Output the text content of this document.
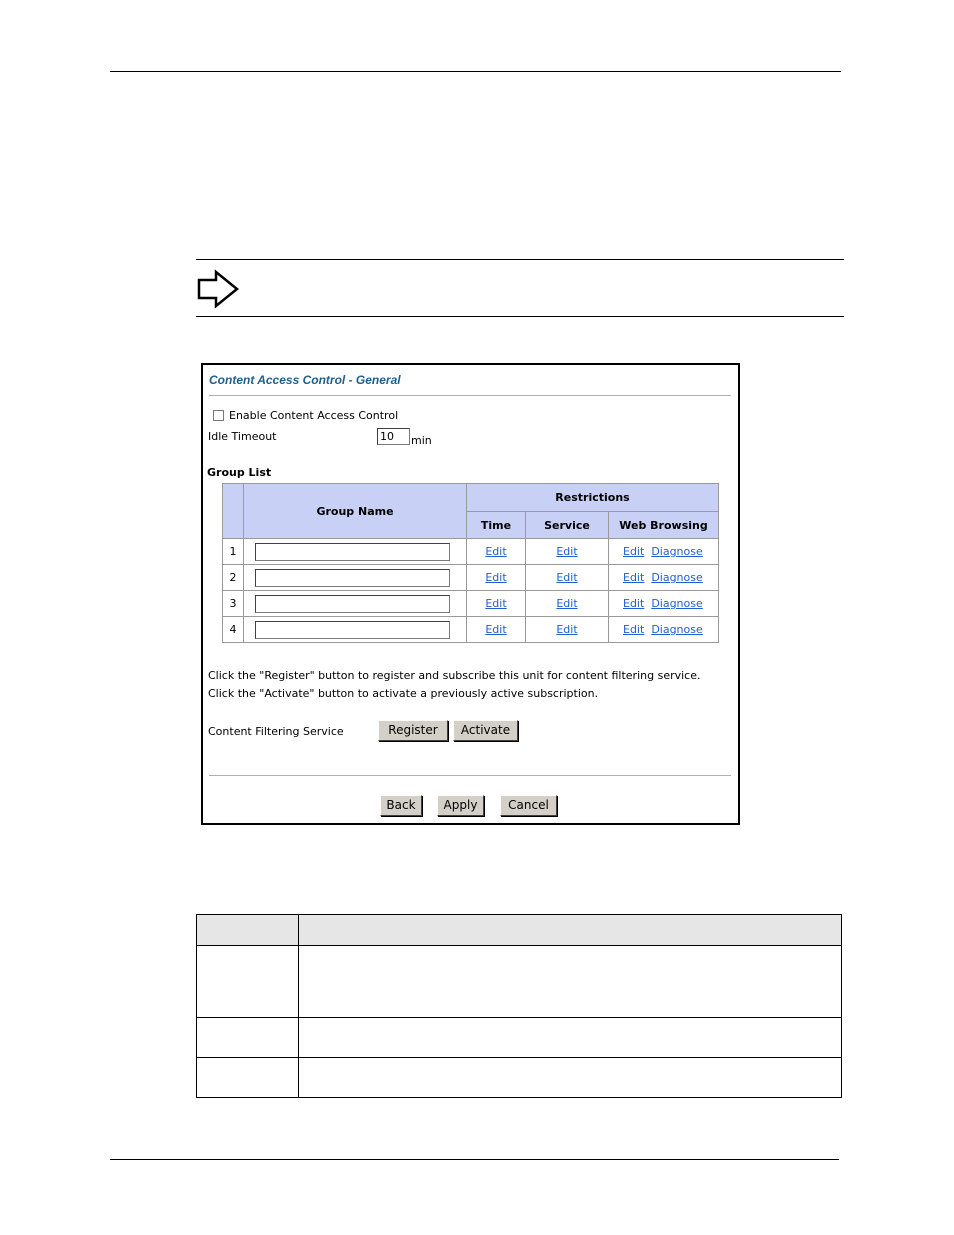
Content Access Control - General
Enable Content Access Control
Idle Timeout
10	min
Group List
	Group Name	Restrictions		
		Time	Service	Web Browsing
1		Edit	Edit	Edit Diagnose
2		Edit	Edit	Edit Diagnose
3		Edit	Edit	Edit Diagnose
4		Edit	Edit	Edit Diagnose
Click the "Register" button to register and subscribe this unit for content filtering service.
Click the "Activate" button to activate a previously active subscription.
Content Filtering Service	Register	Activate
Back	Apply	Cancel
